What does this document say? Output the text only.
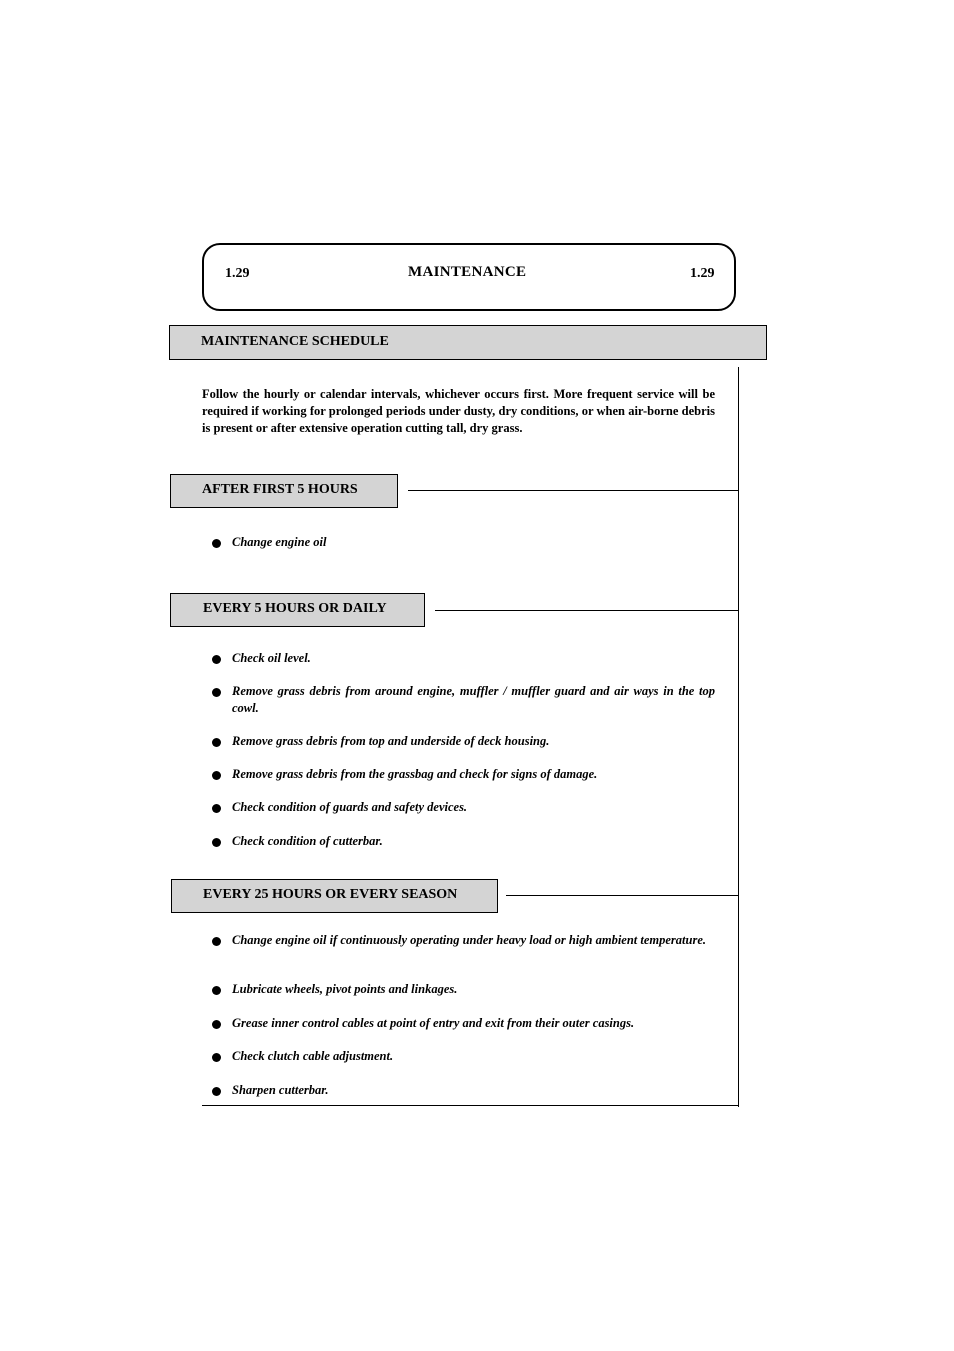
1.29	MAINTENANCE	1.29
MAINTENANCE SCHEDULE
Follow the hourly or calendar intervals, whichever occurs first. More frequent service will be required if working for prolonged periods under dusty, dry conditions, or when air-borne debris is present or after extensive operation cutting tall, dry grass.
AFTER FIRST 5 HOURS
Change engine oil
EVERY 5 HOURS OR DAILY
Check oil level.
Remove grass debris from around engine, muffler / muffler guard and air ways in the top cowl.
Remove grass debris from top and underside of deck housing.
Remove grass debris from the grassbag and check for signs of damage.
Check condition of guards and safety devices.
Check condition of cutterbar.
EVERY 25 HOURS OR EVERY SEASON
Change engine oil if continuously operating under heavy load or high ambient temperature.
Lubricate wheels, pivot points and linkages.
Grease inner control cables at point of entry and exit from their outer casings.
Check clutch cable adjustment.
Sharpen cutterbar.
